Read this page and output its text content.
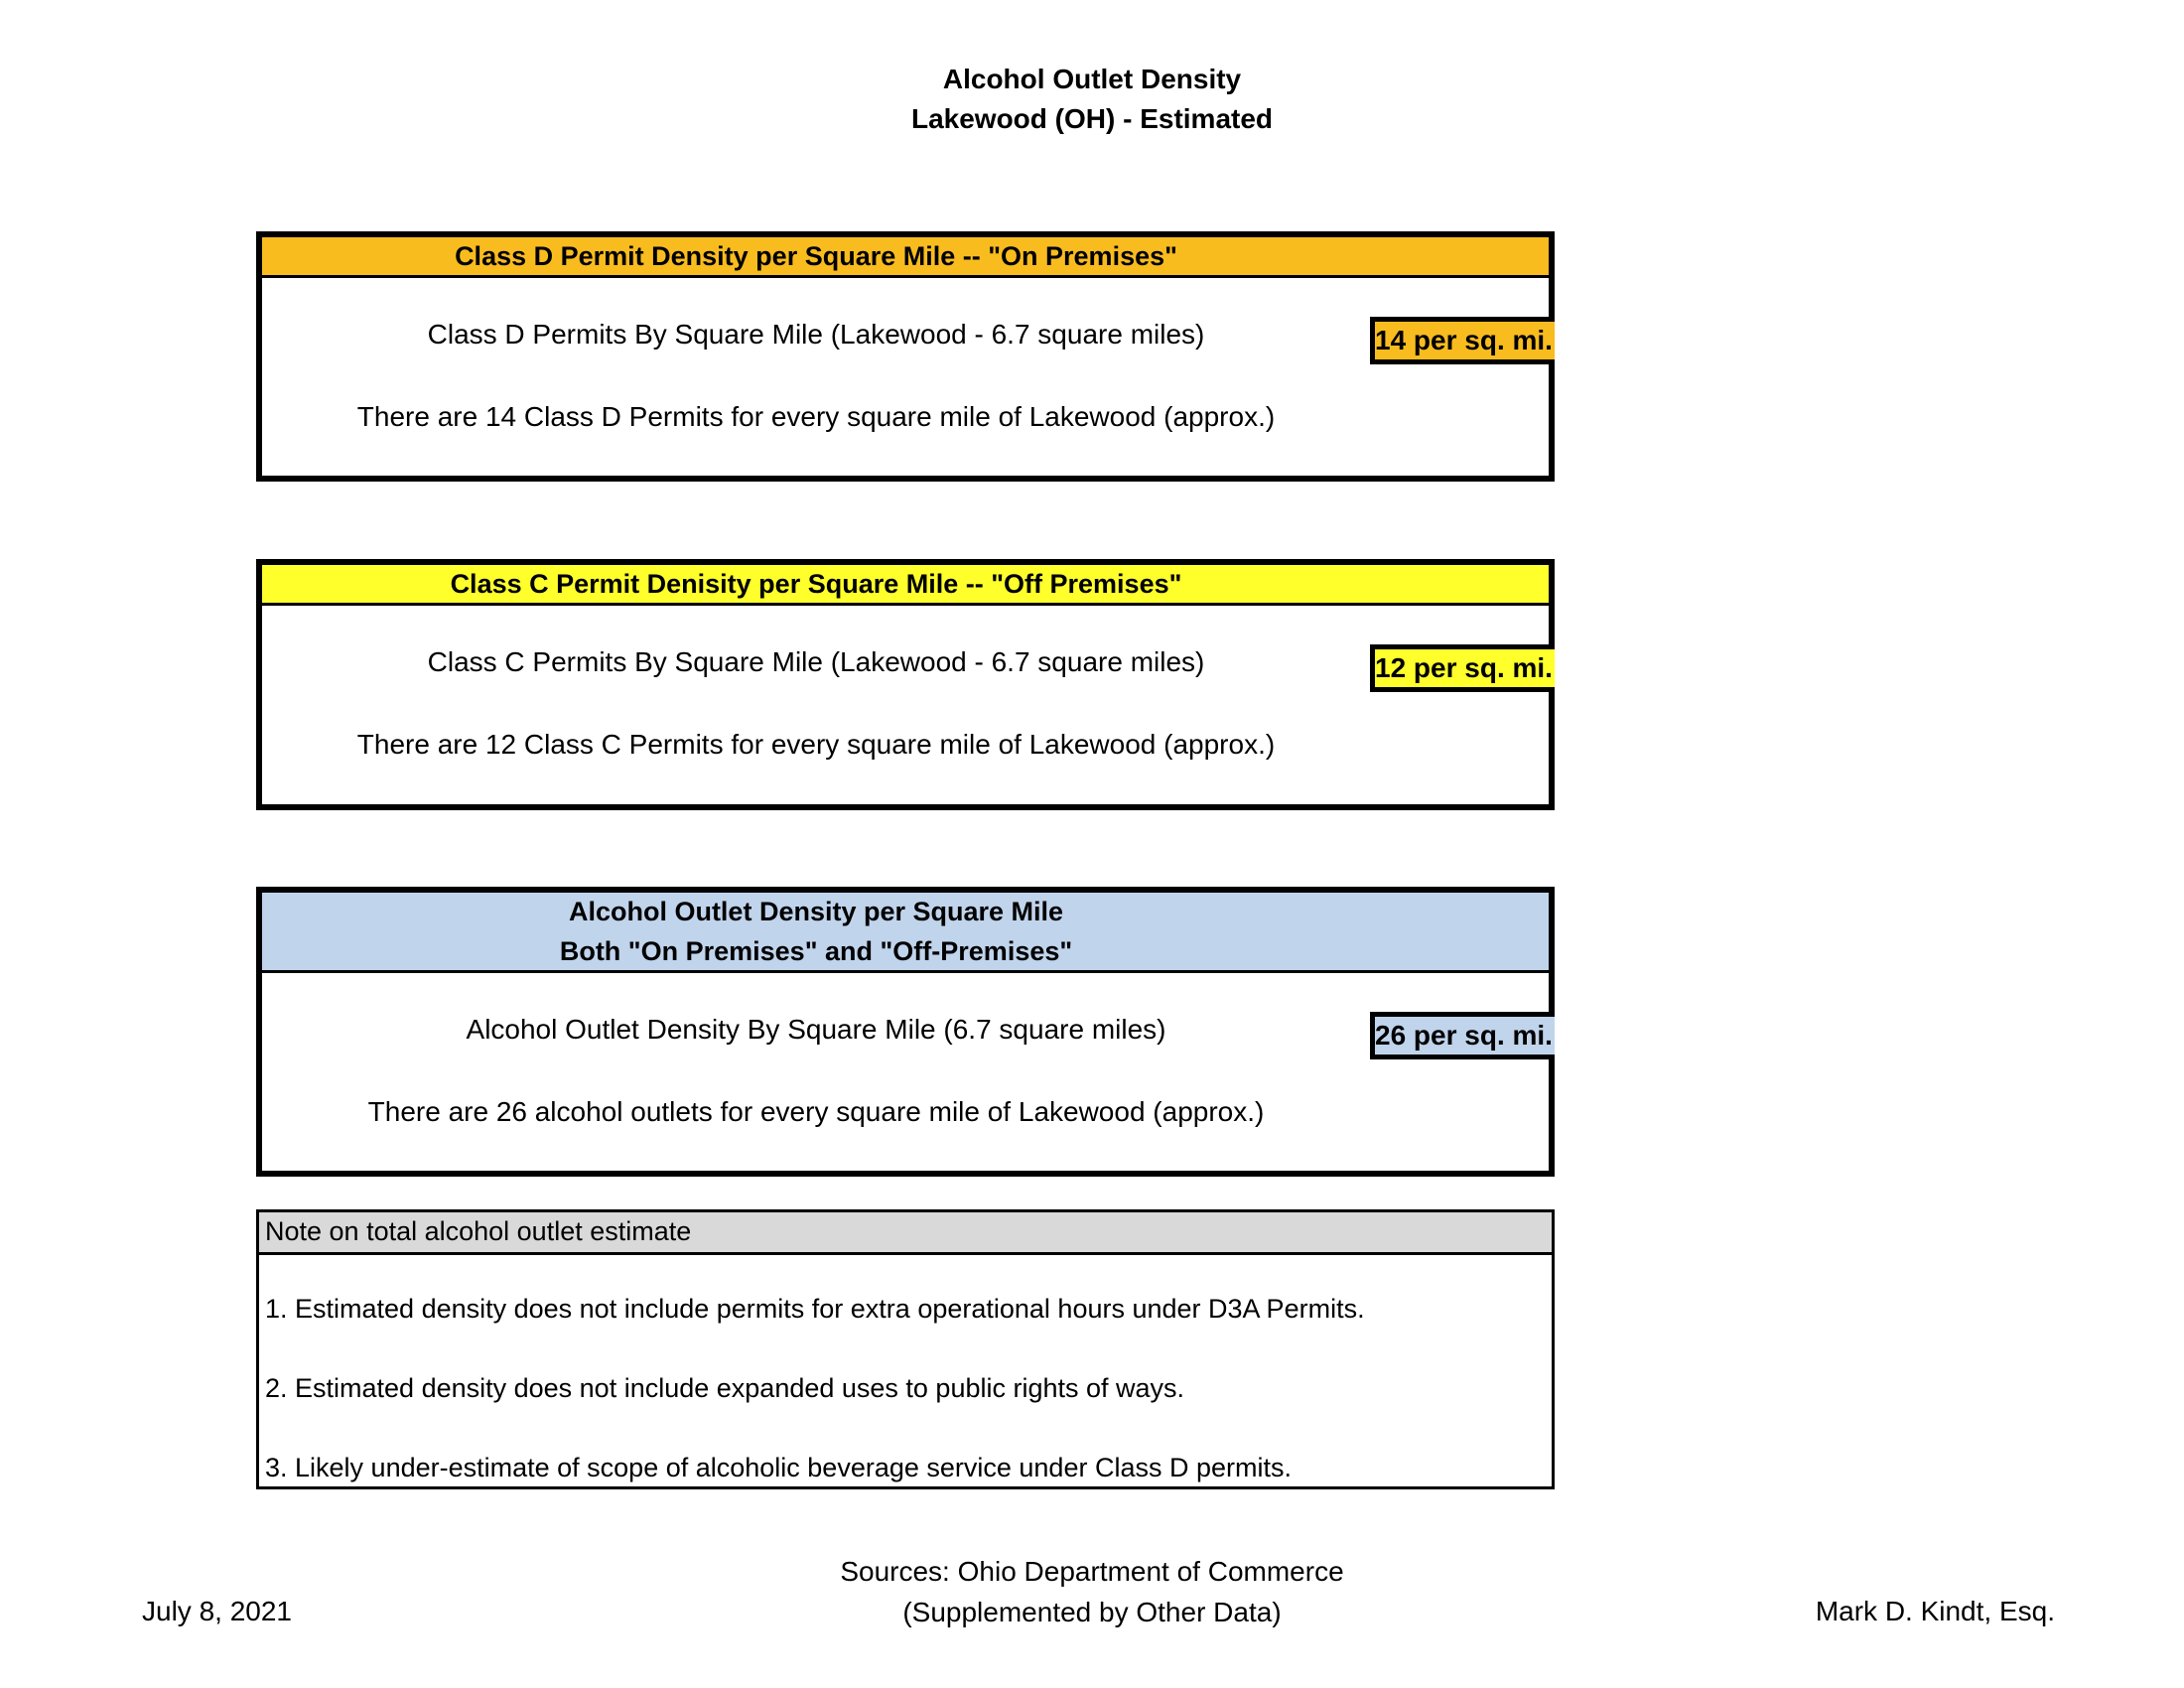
Alcohol Outlet Density
Lakewood (OH) - Estimated
Class D Permit Density per Square Mile -- "On Premises"
Class D Permits By Square Mile (Lakewood - 6.7 square miles)	14 per sq. mi.
There are 14 Class D Permits for every square mile of Lakewood (approx.)
Class C Permit Denisity per Square Mile -- "Off Premises"
Class C Permits By Square Mile (Lakewood - 6.7 square miles)	12 per sq. mi.
There are 12 Class C Permits for every square mile of Lakewood (approx.)
Alcohol Outlet Density per Square Mile
Both "On Premises" and "Off-Premises"
Alcohol Outlet Density By Square Mile (6.7 square miles)	26 per sq. mi.
There are 26 alcohol outlets for every square mile of Lakewood (approx.)
Note on total alcohol outlet estimate
1. Estimated density does not include permits for extra operational hours under D3A Permits.
2. Estimated density does not include expanded uses to public rights of ways.
3. Likely under-estimate of scope of alcoholic beverage service under Class D permits.
July 8, 2021
Sources: Ohio Department of Commerce
(Supplemented by Other Data)	Mark D. Kindt, Esq.
